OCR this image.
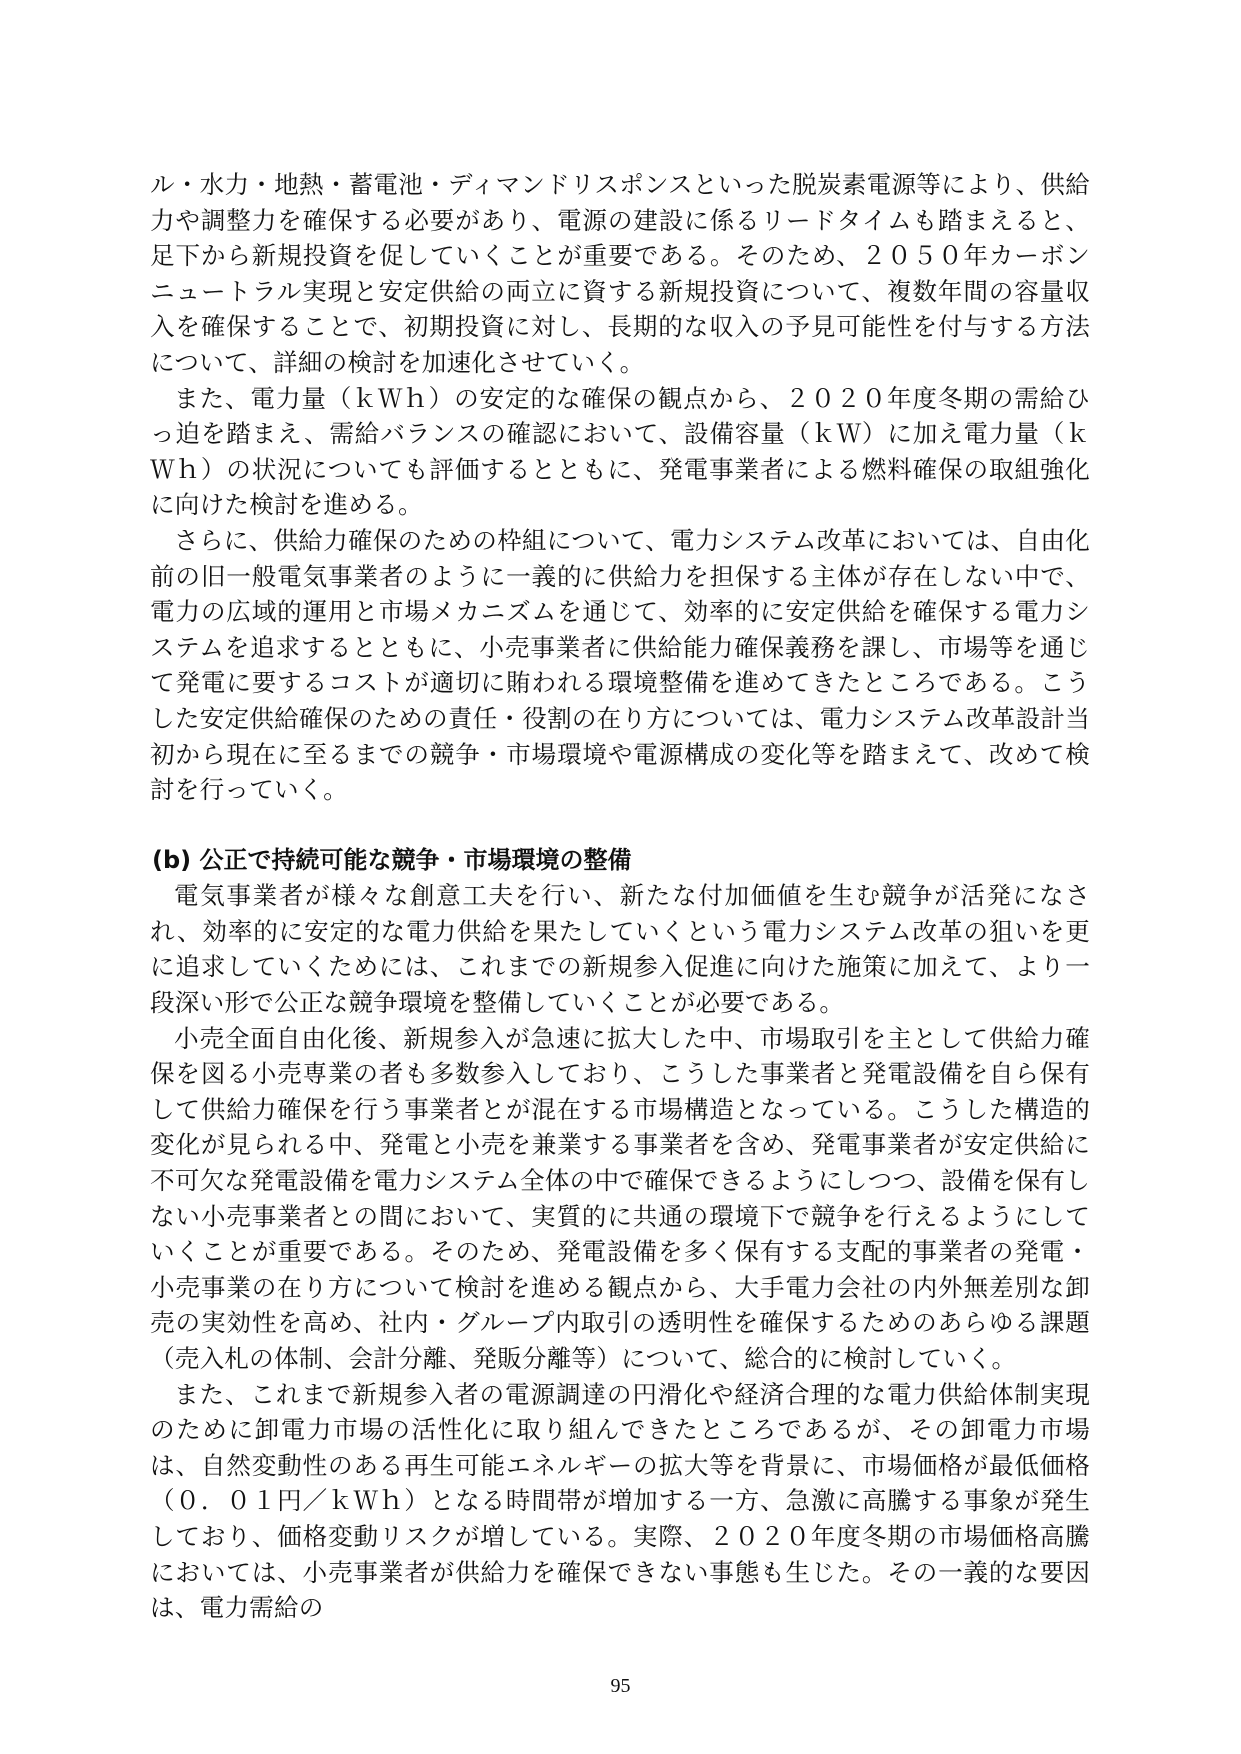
ル・水力・地熱・蓄電池・ディマンドリスポンスといった脱炭素電源等により、供給力や調整力を確保する必要があり、電源の建設に係るリードタイムも踏まえると、足下から新規投資を促していくことが重要である。そのため、２０５０年カーボンニュートラル実現と安定供給の両立に資する新規投資について、複数年間の容量収入を確保することで、初期投資に対し、長期的な収入の予見可能性を付与する方法について、詳細の検討を加速化させていく。

また、電力量（ｋＷｈ）の安定的な確保の観点から、２０２０年度冬期の需給ひっ迫を踏まえ、需給バランスの確認において、設備容量（ｋＷ）に加え電力量（ｋＷｈ）の状況についても評価するとともに、発電事業者による燃料確保の取組強化に向けた検討を進める。

さらに、供給力確保のための枠組について、電力システム改革においては、自由化前の旧一般電気事業者のように一義的に供給力を担保する主体が存在しない中で、電力の広域的運用と市場メカニズムを通じて、効率的に安定供給を確保する電力システムを追求するとともに、小売事業者に供給能力確保義務を課し、市場等を通じて発電に要するコストが適切に賄われる環境整備を進めてきたところである。こうした安定供給確保のための責任・役割の在り方については、電力システム改革設計当初から現在に至るまでの競争・市場環境や電源構成の変化等を踏まえて、改めて検討を行っていく。

(b) 公正で持続可能な競争・市場環境の整備

電気事業者が様々な創意工夫を行い、新たな付加価値を生む競争が活発になされ、効率的に安定的な電力供給を果たしていくという電力システム改革の狙いを更に追求していくためには、これまでの新規参入促進に向けた施策に加えて、より一段深い形で公正な競争環境を整備していくことが必要である。

小売全面自由化後、新規参入が急速に拡大した中、市場取引を主として供給力確保を図る小売専業の者も多数参入しており、こうした事業者と発電設備を自ら保有して供給力確保を行う事業者とが混在する市場構造となっている。こうした構造的変化が見られる中、発電と小売を兼業する事業者を含め、発電事業者が安定供給に不可欠な発電設備を電力システム全体の中で確保できるようにしつつ、設備を保有しない小売事業者との間において、実質的に共通の環境下で競争を行えるようにしていくことが重要である。そのため、発電設備を多く保有する支配的事業者の発電・小売事業の在り方について検討を進める観点から、大手電力会社の内外無差別な卸売の実効性を高め、社内・グループ内取引の透明性を確保するためのあらゆる課題（売入札の体制、会計分離、発販分離等）について、総合的に検討していく。

また、これまで新規参入者の電源調達の円滑化や経済合理的な電力供給体制実現のために卸電力市場の活性化に取り組んできたところであるが、その卸電力市場は、自然変動性のある再生可能エネルギーの拡大等を背景に、市場価格が最低価格（０．０１円／ｋＷｈ）となる時間帯が増加する一方、急激に高騰する事象が発生しており、価格変動リスクが増している。実際、２０２０年度冬期の市場価格高騰においては、小売事業者が供給力を確保できない事態も生じた。その一義的な要因は、電力需給の

95
